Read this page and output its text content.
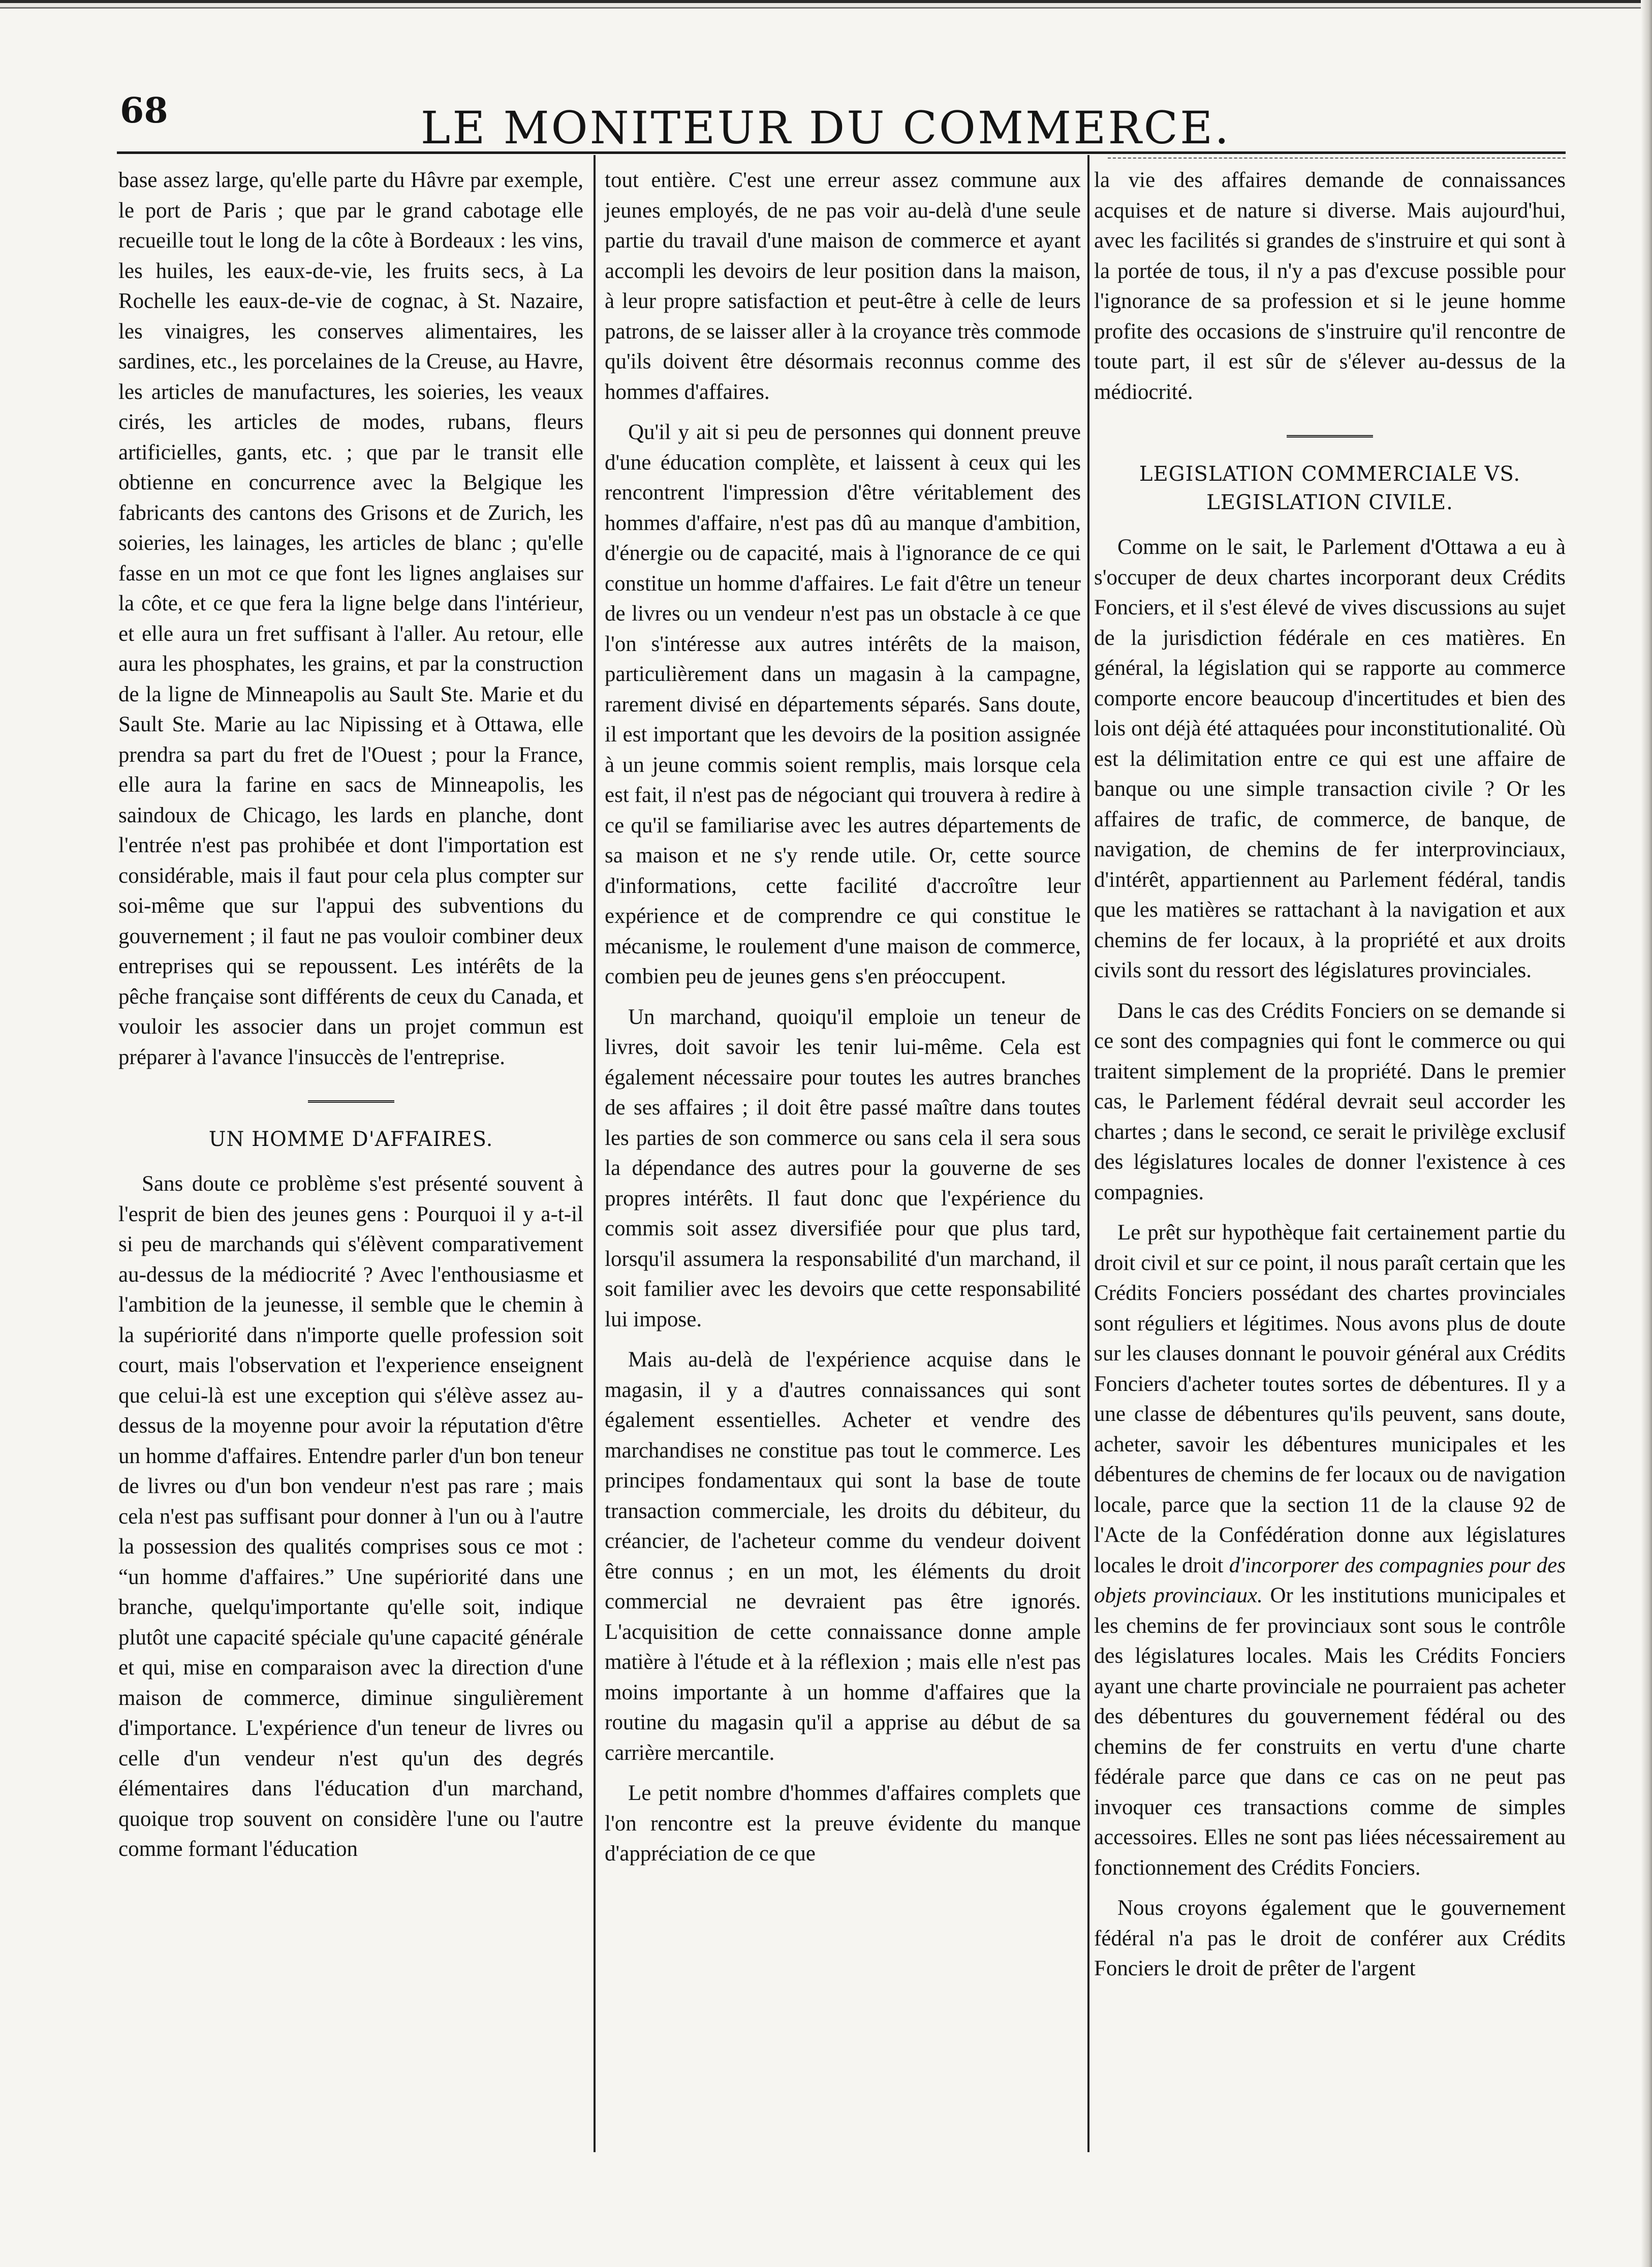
68	LE MONITEUR DU COMMERCE.

base assez large, qu'elle parte du Hâvre par exemple, le port de Paris ; que par le grand cabotage elle recueille tout le long de la côte à Bordeaux : les vins, les huiles, les eaux-de-vie, les fruits secs, à La Rochelle les eaux-de-vie de cognac, à St. Nazaire, les vinaigres, les conserves alimentaires, les sardines, etc., les porcelaines de la Creuse, au Havre, les articles de manufactures, les soieries, les veaux cirés, les articles de modes, rubans, fleurs artificielles, gants, etc. ; que par le transit elle obtienne en concurrence avec la Belgique les fabricants des cantons des Grisons et de Zurich, les soieries, les lainages, les articles de blanc ; qu'elle fasse en un mot ce que font les lignes anglaises sur la côte, et ce que fera la ligne belge dans l'intérieur, et elle aura un fret suffisant à l'aller. Au retour, elle aura les phosphates, les grains, et par la construction de la ligne de Minneapolis au Sault Ste. Marie et du Sault Ste. Marie au lac Nipissing et à Ottawa, elle prendra sa part du fret de l'Ouest ; pour la France, elle aura la farine en sacs de Minneapolis, les saindoux de Chicago, les lards en planche, dont l'entrée n'est pas prohibée et dont l'importation est considérable, mais il faut pour cela plus compter sur soi-même que sur l'appui des subventions du gouvernement ; il faut ne pas vouloir combiner deux entreprises qui se repoussent. Les intérêts de la pêche française sont différents de ceux du Canada, et vouloir les associer dans un projet commun est préparer à l'avance l'insuccès de l'entreprise.

UN HOMME D'AFFAIRES.

Sans doute ce problème s'est présenté souvent à l'esprit de bien des jeunes gens : Pourquoi il y a-t-il si peu de marchands qui s'élèvent comparativement au-dessus de la médiocrité ? Avec l'enthousiasme et l'ambition de la jeunesse, il semble que le chemin à la supériorité dans n'importe quelle profession soit court, mais l'observation et l'experience enseignent que celui-là est une exception qui s'élève assez au-dessus de la moyenne pour avoir la réputation d'être un homme d'affaires. Entendre parler d'un bon teneur de livres ou d'un bon vendeur n'est pas rare ; mais cela n'est pas suffisant pour donner à l'un ou à l'autre la possession des qualités comprises sous ce mot : “un homme d'affaires.” Une supériorité dans une branche, quelqu'importante qu'elle soit, indique plutôt une capacité spéciale qu'une capacité générale et qui, mise en comparaison avec la direction d'une maison de commerce, diminue singulièrement d'importance. L'expérience d'un teneur de livres ou celle d'un vendeur n'est qu'un des degrés élémentaires dans l'éducation d'un marchand, quoique trop souvent on considère l'une ou l'autre comme formant l'éducation

tout entière. C'est une erreur assez commune aux jeunes employés, de ne pas voir au-delà d'une seule partie du travail d'une maison de commerce et ayant accompli les devoirs de leur position dans la maison, à leur propre satisfaction et peut-être à celle de leurs patrons, de se laisser aller à la croyance très commode qu'ils doivent être désormais reconnus comme des hommes d'affaires.

Qu'il y ait si peu de personnes qui donnent preuve d'une éducation complète, et laissent à ceux qui les rencontrent l'impression d'être véritablement des hommes d'affaire, n'est pas dû au manque d'ambition, d'énergie ou de capacité, mais à l'ignorance de ce qui constitue un homme d'affaires. Le fait d'être un teneur de livres ou un vendeur n'est pas un obstacle à ce que l'on s'intéresse aux autres intérêts de la maison, particulièrement dans un magasin à la campagne, rarement divisé en départements séparés. Sans doute, il est important que les devoirs de la position assignée à un jeune commis soient remplis, mais lorsque cela est fait, il n'est pas de négociant qui trouvera à redire à ce qu'il se familiarise avec les autres départements de sa maison et ne s'y rende utile. Or, cette source d'informations, cette facilité d'accroître leur expérience et de comprendre ce qui constitue le mécanisme, le roulement d'une maison de commerce, combien peu de jeunes gens s'en préoccupent.

Un marchand, quoiqu'il emploie un teneur de livres, doit savoir les tenir lui-même. Cela est également nécessaire pour toutes les autres branches de ses affaires ; il doit être passé maître dans toutes les parties de son commerce ou sans cela il sera sous la dépendance des autres pour la gouverne de ses propres intérêts. Il faut donc que l'expérience du commis soit assez diversifiée pour que plus tard, lorsqu'il assumera la responsabilité d'un marchand, il soit familier avec les devoirs que cette responsabilité lui impose.

Mais au-delà de l'expérience acquise dans le magasin, il y a d'autres connaissances qui sont également essentielles. Acheter et vendre des marchandises ne constitue pas tout le commerce. Les principes fondamentaux qui sont la base de toute transaction commerciale, les droits du débiteur, du créancier, de l'acheteur comme du vendeur doivent être connus ; en un mot, les éléments du droit commercial ne devraient pas être ignorés. L'acquisition de cette connaissance donne ample matière à l'étude et à la réflexion ; mais elle n'est pas moins importante à un homme d'affaires que la routine du magasin qu'il a apprise au début de sa carrière mercantile.

Le petit nombre d'hommes d'affaires complets que l'on rencontre est la preuve évidente du manque d'appréciation de ce que

la vie des affaires demande de connaissances acquises et de nature si diverse. Mais aujourd'hui, avec les facilités si grandes de s'instruire et qui sont à la portée de tous, il n'y a pas d'excuse possible pour l'ignorance de sa profession et si le jeune homme profite des occasions de s'instruire qu'il rencontre de toute part, il est sûr de s'élever au-dessus de la médiocrité.

LEGISLATION COMMERCIALE VS.
LEGISLATION CIVILE.

Comme on le sait, le Parlement d'Ottawa a eu à s'occuper de deux chartes incorporant deux Crédits Fonciers, et il s'est élevé de vives discussions au sujet de la jurisdiction fédérale en ces matières. En général, la législation qui se rapporte au commerce comporte encore beaucoup d'incertitudes et bien des lois ont déjà été attaquées pour inconstitutionalité. Où est la délimitation entre ce qui est une affaire de banque ou une simple transaction civile ? Or les affaires de trafic, de commerce, de banque, de navigation, de chemins de fer interprovinciaux, d'intérêt, appartiennent au Parlement fédéral, tandis que les matières se rattachant à la navigation et aux chemins de fer locaux, à la propriété et aux droits civils sont du ressort des législatures provinciales.

Dans le cas des Crédits Fonciers on se demande si ce sont des compagnies qui font le commerce ou qui traitent simplement de la propriété. Dans le premier cas, le Parlement fédéral devrait seul accorder les chartes ; dans le second, ce serait le privilège exclusif des législatures locales de donner l'existence à ces compagnies.

Le prêt sur hypothèque fait certainement partie du droit civil et sur ce point, il nous paraît certain que les Crédits Fonciers possédant des chartes provinciales sont réguliers et légitimes. Nous avons plus de doute sur les clauses donnant le pouvoir général aux Crédits Fonciers d'acheter toutes sortes de débentures. Il y a une classe de débentures qu'ils peuvent, sans doute, acheter, savoir les débentures municipales et les débentures de chemins de fer locaux ou de navigation locale, parce que la section 11 de la clause 92 de l'Acte de la Confédération donne aux législatures locales le droit d'incorporer des compagnies pour des objets provinciaux. Or les institutions municipales et les chemins de fer provinciaux sont sous le contrôle des législatures locales. Mais les Crédits Fonciers ayant une charte provinciale ne pourraient pas acheter des débentures du gouvernement fédéral ou des chemins de fer construits en vertu d'une charte fédérale parce que dans ce cas on ne peut pas invoquer ces transactions comme de simples accessoires. Elles ne sont pas liées nécessairement au fonctionnement des Crédits Fonciers.

Nous croyons également que le gouvernement fédéral n'a pas le droit de conférer aux Crédits Fonciers le droit de prêter de l'argent
